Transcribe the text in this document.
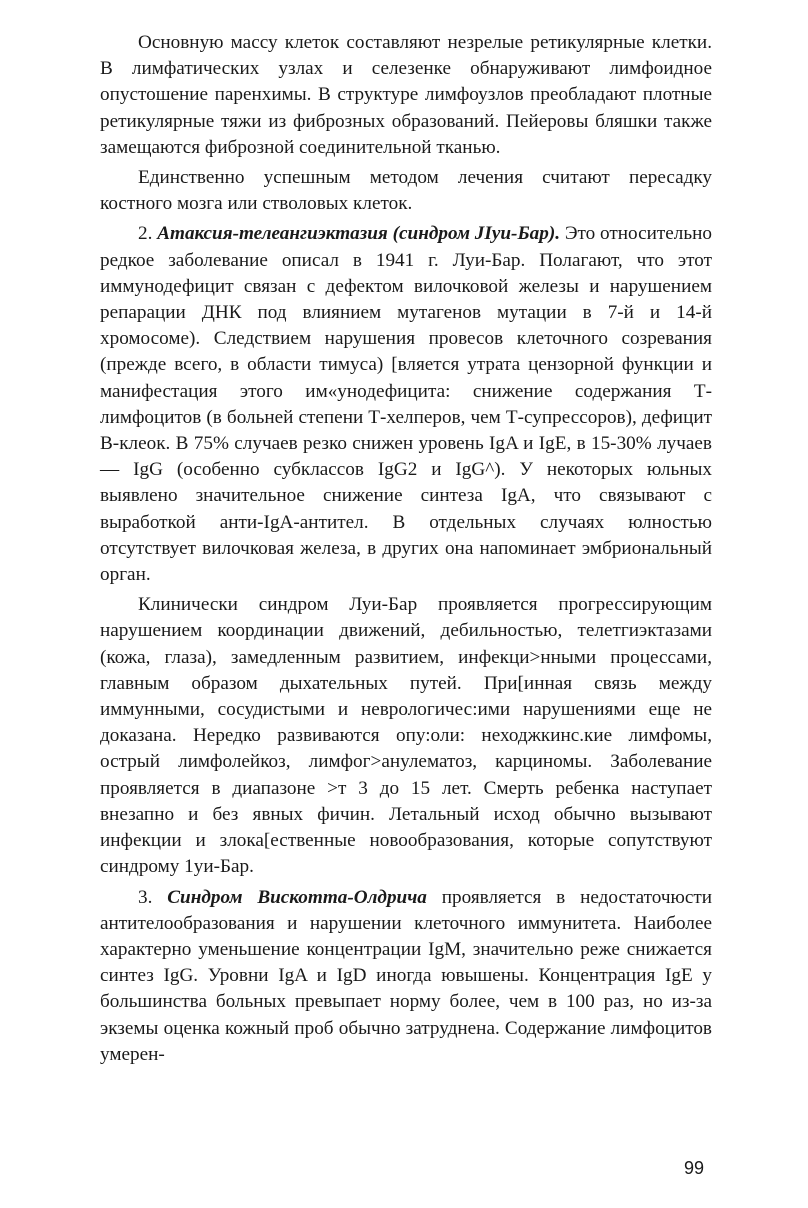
Основную массу клеток составляют незрелые ретикулярные клетки. В лимфатических узлах и селезенке обнаруживают лимфоидное опустошение паренхимы. В структуре лимфоузлов преобладают плотные ретикулярные тяжи из фиброзных образований. Пейеровы бляшки также замещаются фиброзной соединительной тканью.

Единственно успешным методом лечения считают пересадку костного мозга или стволовых клеток.

2. Атаксия-телеангиэктазия (синдром JIyи-Бар). Это относительно редкое заболевание описал в 1941 г. Луи-Бар. Полагают, что этот иммунодефицит связан с дефектом вилочковой железы и нарушением репарации ДНК под влиянием мутагенов мутации в 7-й и 14-й хромосоме). Следствием нарушения провесов клеточного созревания (прежде всего, в области тимуса) [вляется утрата цензорной функции и манифестация этого им«унодефицита: снижение содержания Т-лимфоцитов (в больней степени Т-хелперов, чем Т-супрессоров), дефицит В-клеок. В 75% случаев резко снижен уровень IgA и IgE, в 15-30% лучаев — IgG (особенно субклассов IgG2 и IgG^). У некоторых юльных выявлено значительное снижение синтеза IgA, что связывают с выработкой анти-IgA-антител. В отдельных случаях юлностью отсутствует вилочковая железа, в других она напоминает эмбриональный орган.

Клинически синдром Луи-Бар проявляется прогрессирующим нарушением координации движений, дебильностью, телетгиэктазами (кожа, глаза), замедленным развитием, инфекци>нными процессами, главным образом дыхательных путей. При[инная связь между иммунными, сосудистыми и неврологичес:ими нарушениями еще не доказана. Нередко развиваются опу:оли: неходжкинс.кие лимфомы, острый лимфолейкоз, лимфог>анулематоз, карциномы. Заболевание проявляется в диапазоне >т 3 до 15 лет. Смерть ребенка наступает внезапно и без явных фичин. Летальный исход обычно вызывают инфекции и злока[ественные новообразования, которые сопутствуют синдрому 1уи-Бар.

3. Синдром Вискотта-Олдрича проявляется в недостаточюсти антителообразования и нарушении клеточного иммунитета. Наиболее характерно уменьшение концентрации IgM, значительно реже снижается синтез IgG. Уровни IgA и IgD иногда ювышены. Концентрация IgE у большинства больных превыпает норму более, чем в 100 раз, но из-за экземы оценка кожный проб обычно затруднена. Содержание лимфоцитов умерен-

99
